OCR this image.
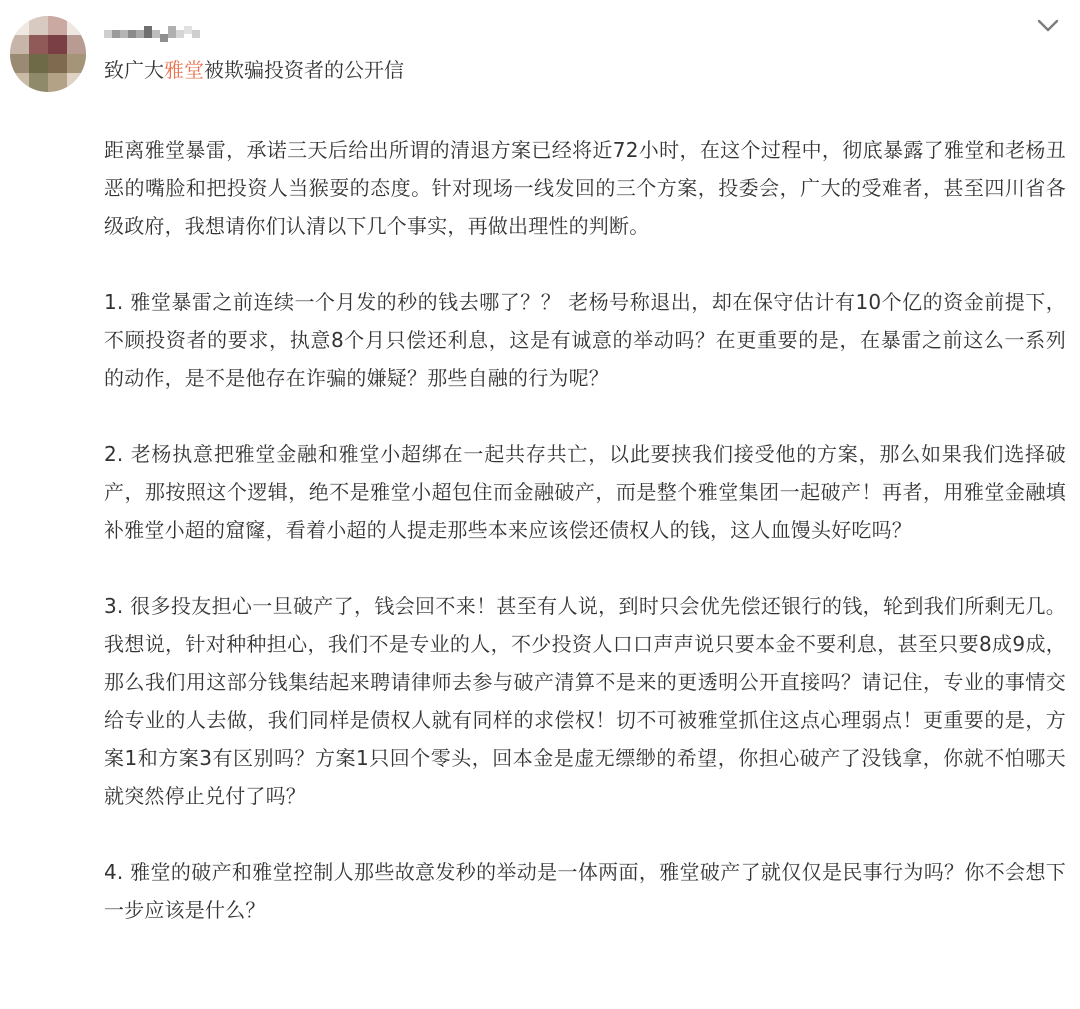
致广大雅堂被欺骗投资者的公开信

距离雅堂暴雷，承诺三天后给出所谓的清退方案已经将近72小时，在这个过程中，彻底暴露了雅堂和老杨丑恶的嘴脸和把投资人当猴耍的态度。针对现场一线发回的三个方案，投委会，广大的受难者，甚至四川省各级政府，我想请你们认清以下几个事实，再做出理性的判断。

1. 雅堂暴雷之前连续一个月发的秒的钱去哪了？？ 老杨号称退出，却在保守估计有10个亿的资金前提下，不顾投资者的要求，执意8个月只偿还利息，这是有诚意的举动吗？在更重要的是，在暴雷之前这么一系列的动作，是不是他存在诈骗的嫌疑？那些自融的行为呢？

2. 老杨执意把雅堂金融和雅堂小超绑在一起共存共亡，以此要挟我们接受他的方案，那么如果我们选择破产，那按照这个逻辑，绝不是雅堂小超包住而金融破产，而是整个雅堂集团一起破产！再者，用雅堂金融填补雅堂小超的窟窿，看着小超的人提走那些本来应该偿还债权人的钱，这人血馒头好吃吗？

3. 很多投友担心一旦破产了，钱会回不来！甚至有人说，到时只会优先偿还银行的钱，轮到我们所剩无几。我想说，针对种种担心，我们不是专业的人，不少投资人口口声声说只要本金不要利息，甚至只要8成9成，那么我们用这部分钱集结起来聘请律师去参与破产清算不是来的更透明公开直接吗？请记住，专业的事情交给专业的人去做，我们同样是债权人就有同样的求偿权！切不可被雅堂抓住这点心理弱点！更重要的是，方案1和方案3有区别吗？方案1只回个零头，回本金是虚无缥缈的希望，你担心破产了没钱拿，你就不怕哪天就突然停止兑付了吗？

4. 雅堂的破产和雅堂控制人那些故意发秒的举动是一体两面，雅堂破产了就仅仅是民事行为吗？你不会想下一步应该是什么？
